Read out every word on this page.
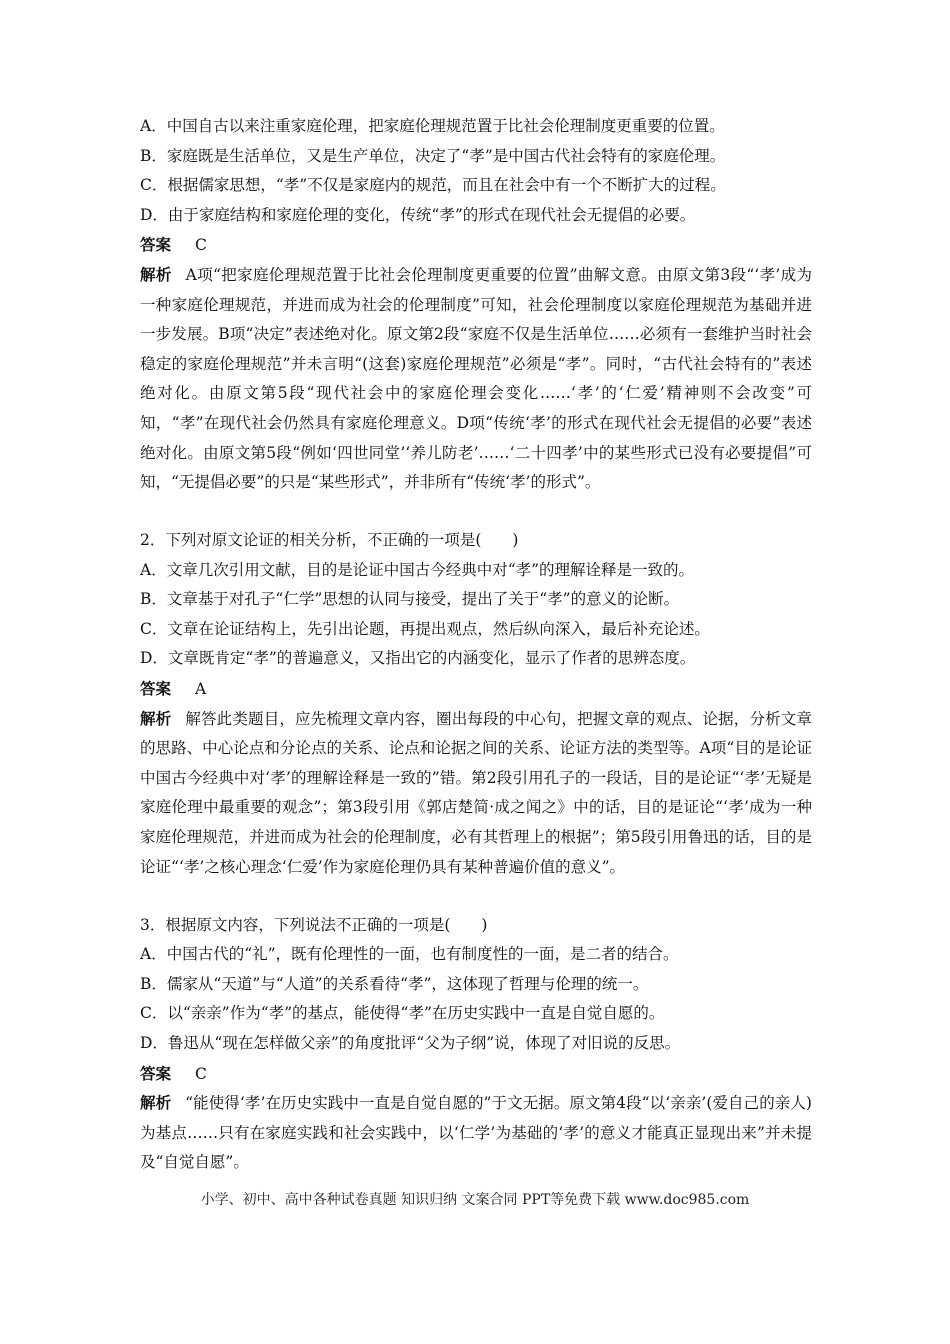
A．中国自古以来注重家庭伦理，把家庭伦理规范置于比社会伦理制度更重要的位置。
B．家庭既是生活单位，又是生产单位，决定了“孝”是中国古代社会特有的家庭伦理。
C．根据儒家思想，“孝”不仅是家庭内的规范，而且在社会中有一个不断扩大的过程。
D．由于家庭结构和家庭伦理的变化，传统“孝”的形式在现代社会无提倡的必要。
答案 C
解析 A项“把家庭伦理规范置于比社会伦理制度更重要的位置”曲解文意。由原文第3段“‘孝’成为一种家庭伦理规范，并进而成为社会的伦理制度”可知，社会伦理制度以家庭伦理规范为基础并进一步发展。B项“决定”表述绝对化。原文第2段“家庭不仅是生活单位……必须有一套维护当时社会稳定的家庭伦理规范”并未言明“(这套)家庭伦理规范”必须是“孝”。同时，“古代社会特有的”表述绝对化。由原文第5段“现代社会中的家庭伦理会变化……‘孝’的‘仁爱’精神则不会改变”可知，“孝”在现代社会仍然具有家庭伦理意义。D项“传统‘孝’的形式在现代社会无提倡的必要”表述绝对化。由原文第5段“例如‘四世同堂’‘养儿防老’……‘二十四孝’中的某些形式已没有必要提倡”可知，“无提倡必要”的只是“某些形式”，并非所有“传统‘孝’的形式”。
2．下列对原文论证的相关分析，不正确的一项是(　　)
A．文章几次引用文献，目的是论证中国古今经典中对“孝”的理解诠释是一致的。
B．文章基于对孔子“仁学”思想的认同与接受，提出了关于“孝”的意义的论断。
C．文章在论证结构上，先引出论题，再提出观点，然后纵向深入，最后补充论述。
D．文章既肯定“孝”的普遍意义，又指出它的内涵变化，显示了作者的思辨态度。
答案 A
解析 解答此类题目，应先梳理文章内容，圈出每段的中心句，把握文章的观点、论据，分析文章的思路、中心论点和分论点的关系、论点和论据之间的关系、论证方法的类型等。A项“目的是论证中国古今经典中对‘孝’的理解诠释是一致的”错。第2段引用孔子的一段话，目的是论证“‘孝’无疑是家庭伦理中最重要的观念”；第3段引用《郭店楚简·成之闻之》中的话，目的是证论“‘孝’成为一种家庭伦理规范，并进而成为社会的伦理制度，必有其哲理上的根据”；第5段引用鲁迅的话，目的是论证“‘孝’之核心理念‘仁爱’作为家庭伦理仍具有某种普遍价值的意义”。
3．根据原文内容，下列说法不正确的一项是(　　)
A．中国古代的“礼”，既有伦理性的一面，也有制度性的一面，是二者的结合。
B．儒家从“天道”与“人道”的关系看待“孝”，这体现了哲理与伦理的统一。
C．以“亲亲”作为“孝”的基点，能使得“孝”在历史实践中一直是自觉自愿的。
D．鲁迅从“现在怎样做父亲”的角度批评“父为子纲”说，体现了对旧说的反思。
答案 C
解析 “能使得‘孝’在历史实践中一直是自觉自愿的”于文无据。原文第4段“以‘亲亲’(爱自己的亲人)为基点……只有在家庭实践和社会实践中，以‘仁学’为基础的‘孝’的意义才能真正显现出来”并未提及“自觉自愿”。
小学、初中、高中各种试卷真题 知识归纳 文案合同 PPT等免费下载 www.doc985.com
